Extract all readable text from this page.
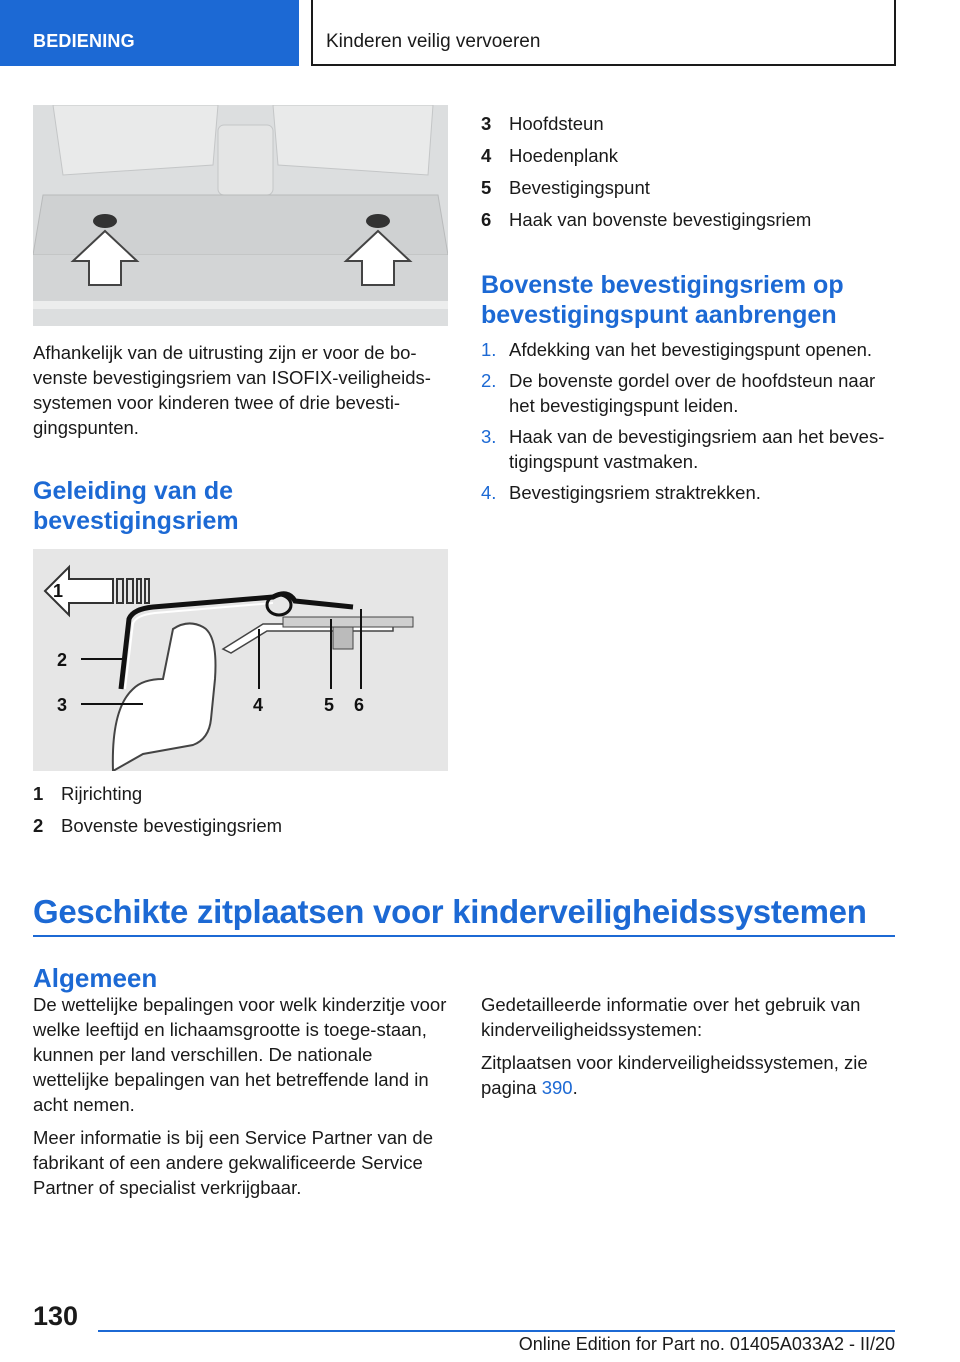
BEDIENING	Kinderen veilig vervoeren

Afhankelijk van de uitrusting zijn er voor de bo-venste bevestigingsriem van ISOFIX-veiligheids-systemen voor kinderen twee of drie bevesti-gingspunten.

Geleiding van de
bevestigingsriem
1
2
3	4	5 6
1 Rijrichting
2 Bovenste bevestigingsriem
3 Hoofdsteun
4 Hoedenplank
5 Bevestigingspunt
6 Haak van bovenste bevestigingsriem
Bovenste bevestigingsriem op
bevestigingspunt aanbrengen
1. Afdekking van het bevestigingspunt openen.
2. De bovenste gordel over de hoofdsteun naar het bevestigingspunt leiden.
3. Haak van de bevestigingsriem aan het beves-tigingspunt vastmaken.
4. Bevestigingsriem straktrekken.
Geschikte zitplaatsen voor kinderveiligheidssystemen
Algemeen

De wettelijke bepalingen voor welk kinderzitje voor welke leeftijd en lichaamsgrootte is toege-staan, kunnen per land verschillen. De nationale wettelijke bepalingen van het betreffende land in acht nemen.

Meer informatie is bij een Service Partner van de fabrikant of een andere gekwalificeerde Service Partner of specialist verkrijgbaar.

Gedetailleerde informatie over het gebruik van kinderveiligheidssystemen:

Zitplaatsen voor kinderveiligheidssystemen, zie pagina 390.

130
Online Edition for Part no. 01405A033A2 - II/20
